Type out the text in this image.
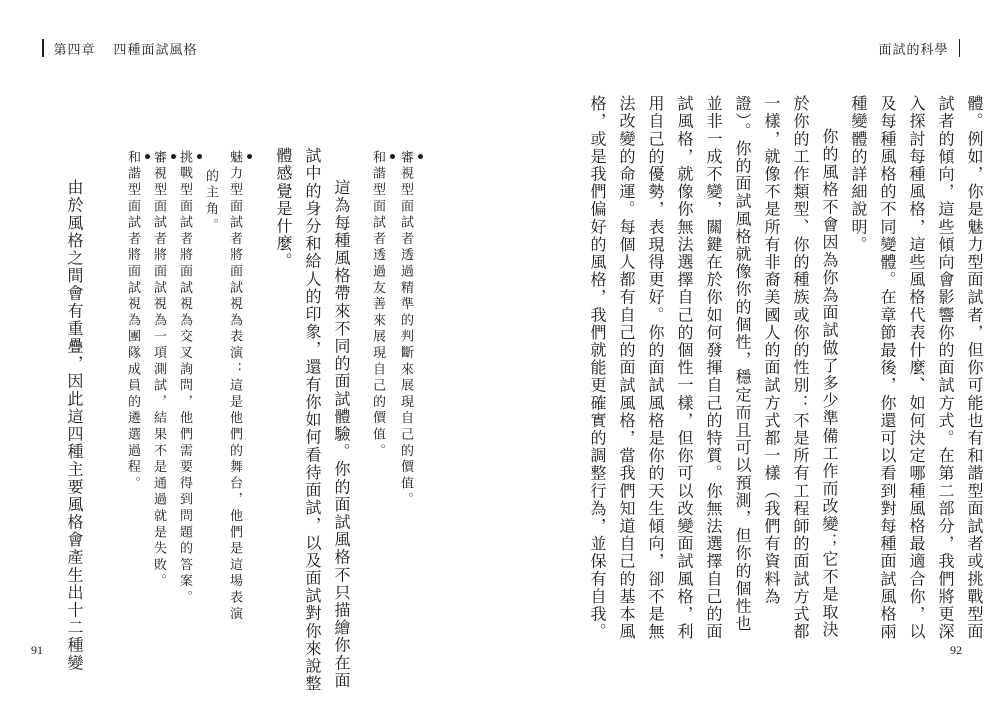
第四章 四種面試風格	面試的科學
體。例如，你是魅力型面試者，但你可能也有和諧型面試者或挑戰型面
試者的傾向，這些傾向會影響你的面試方式。在第二部分，我們將更深
入探討每種風格，這些風格代表什麼、如何決定哪種風格最適合你，以
及每種風格的不同變體。在章節最後，你還可以看到對每種面試風格兩
種變體的詳細說明。
你的風格不會因為你為面試做了多少準備工作而改變；它不是取決
於你的工作類型、你的種族或你的性別：不是所有工程師的面試方式都
一樣，就像不是所有非裔美國人的面試方式都一樣（我們有資料為
證）。你的面試風格就像你的個性，穩定而且可以預測，但你的個性也
並非一成不變，關鍵在於你如何發揮自己的特質。你無法選擇自己的面
試風格，就像你無法選擇自己的個性一樣，但你可以改變面試風格，利
用自己的優勢，表現得更好。你的面試風格是你的天生傾向，卻不是無
法改變的命運。每個人都有自己的面試風格，當我們知道自己的基本風
格，或是我們偏好的風格，我們就能更確實的調整行為，並保有自我。
審視型面試者透過精準的判斷來展現自己的價值。
和諧型面試者透過友善來展現自己的價值。
這為每種風格帶來不同的面試體驗。你的面試風格不只描繪你在面
試中的身分和給人的印象，還有你如何看待面試，以及面試對你來說整
體感覺是什麼。
魅力型面試者將面試視為表演：這是他們的舞台，他們是這場表演
的主角。
挑戰型面試者將面試視為交叉詢問，他們需要得到問題的答案。
審視型面試者將面試視為一項測試，結果不是通過就是失敗。
和諧型面試者將面試視為團隊成員的遴選過程。
由於風格之間會有重疊，因此這四種主要風格會產生出十二種變
91	92
